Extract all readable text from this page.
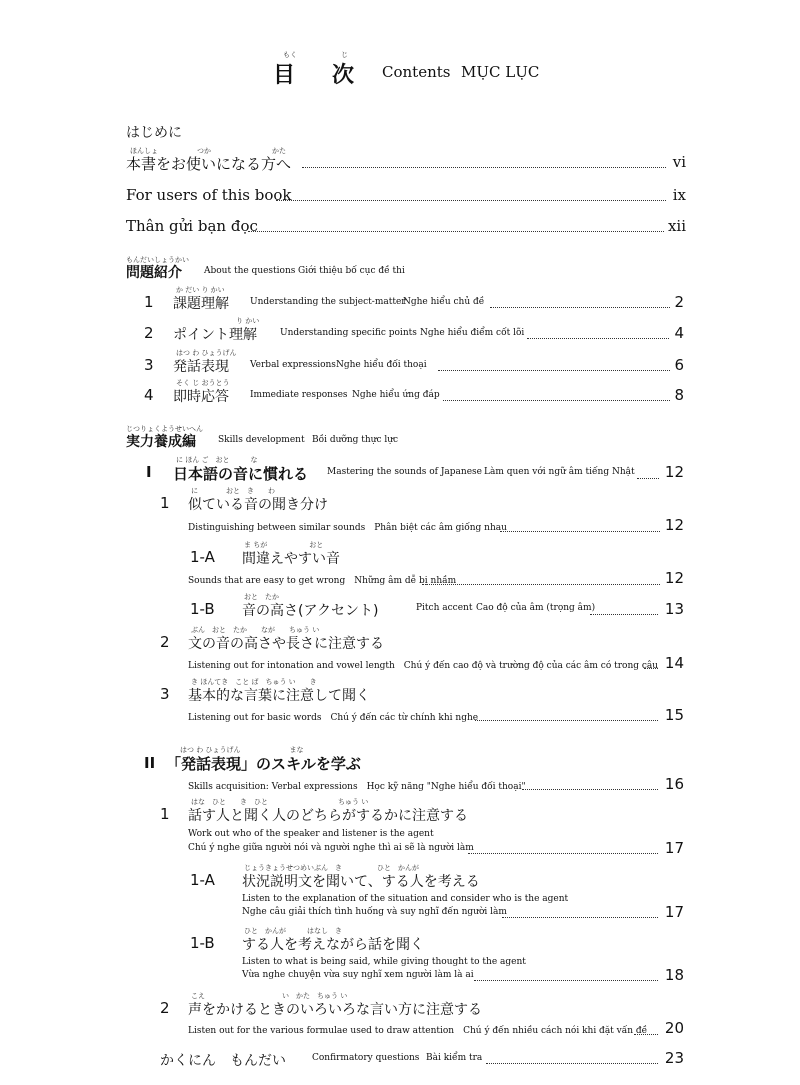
もく	じ
目 次 Contents MỤC LỤC
はじめに
ほんしょ	つか	かた
本書をお使いになる方へ	vi
For users of this book	ix
Thân gửi bạn đọc	xii
もんだいしょうかい
問題紹介 About the questions Giới thiệu bố cục đề thi
1
か だい り かい
課題理解 Understanding the subject-matter
Nghe hiểu chủ đề	2
2
り かい
ポイント理解	Understanding specific points Nghe hiểu điểm cốt lõi	4
3
はつ わ ひょうげん
発話表現 Verbal expressions Nghe hiểu đối thoại	6
4
そく じ おうとう
即時応答 Immediate responses Nghe hiểu ứng đáp	8
じつりょくようせいへん
実力養成編 Skills development Bồi dưỡng thực lực
I
に ほん ご　おと　　　な
日本語の音に慣れる Mastering the sounds of Japanese Làm quen với ngữ âm tiếng Nhật 12
1
に　　　　おと　き　　わ
似ている音の聞き分け
Distinguishing between similar sounds　Phân biệt các âm giống nhau	12
1-A
ま ちが　　　　　　おと
間違えやすい音
Sounds that are easy to get wrong　Những âm dễ bị nhầm	12
1-B
おと　たか
音の高さ(アクセント)	Pitch accent Cao độ của âm (trọng âm)	13
2
ぶん　おと　たか　　なが　　ちゅう い
文の音の高さや長さに注意する
Listening out for intonation and vowel length　Chú ý đến cao độ và trường độ của các âm có trong câu 14
3
き ほんてき　こと ば　ちゅう い　　き
基本的な言葉に注意して聞く
Listening out for basic words　Chú ý đến các từ chính khi nghe	15
II
はつ わ ひょうげん　　　　　　　まな
「発話表現」のスキルを学ぶ
Skills acquisition: Verbal expressions　Học kỹ năng "Nghe hiểu đối thoại"	16
1
はな　ひと　　き　ひと　　　　　　　　　　ちゅう い
話す人と聞く人のどちらがするかに注意する
Work out who of the speaker and listener is the agent
Chú ý nghe giữa người nói và người nghe thì ai sẽ là người làm	17
1-A
じょうきょうせつめいぶん　き　　　　　ひと　かんが
状況説明文を聞いて、する人を考える
Listen to the explanation of the situation and consider who is the agent
Nghe câu giải thích tình huống và suy nghĩ đến người làm	17
1-B
ひと　かんが　　　はなし　き
する人を考えながら話を聞く
Listen to what is being said, while giving thought to the agent
Vừa nghe chuyện vừa suy nghĩ xem người làm là ai	18
2
こえ　　　　　　　　　　　い　かた　ちゅう い
声をかけるときのいろいろな言い方に注意する
Listen out for the various formulae used to draw attention　Chú ý đến nhiều cách nói khi đặt vấn đề 20
かくにん　もんだい	Confirmatory questions Bài kiểm tra	23
